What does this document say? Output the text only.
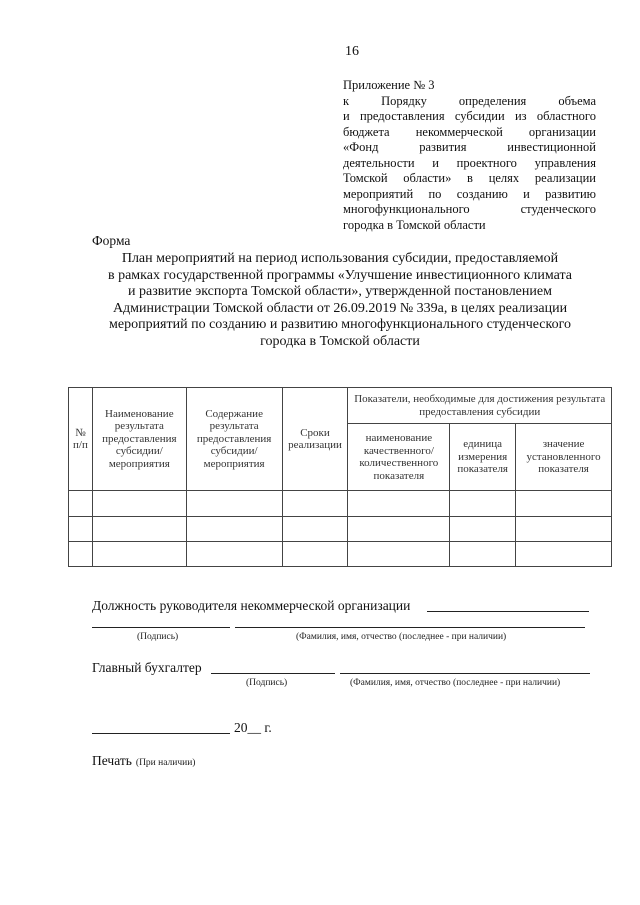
16
Приложение № 3
к Порядку определения объема
и предоставления субсидии из областного
бюджета некоммерческой организации
«Фонд развития инвестиционной
деятельности и проектного управления
Томской области» в целях реализации
мероприятий по созданию и развитию
многофункционального студенческого
городка в Томской области
Форма
План мероприятий на период использования субсидии, предоставляемой
в рамках государственной программы «Улучшение инвестиционного климата
и развитие экспорта Томской области», утвержденной постановлением
Администрации Томской области от 26.09.2019 № 339а, в целях реализации
мероприятий по созданию и развитию многофункционального студенческого
городка в Томской области
№ п/п	Наименование результата предоставления субсидии/ мероприятия	Содержание результата предоставления субсидии/ мероприятия	Сроки реализации	Показатели, необходимые для достижения результата предоставления субсидии		
				наименование качественного/ количественного показателя	единица измерения показателя	значение установленного показателя

Должность руководителя некоммерческой организации
(Подпись)	(Фамилия, имя, отчество (последнее - при наличии)
Главный бухгалтер
(Подпись)	(Фамилия, имя, отчество (последнее - при наличии)
20__ г.
Печать (При наличии)
